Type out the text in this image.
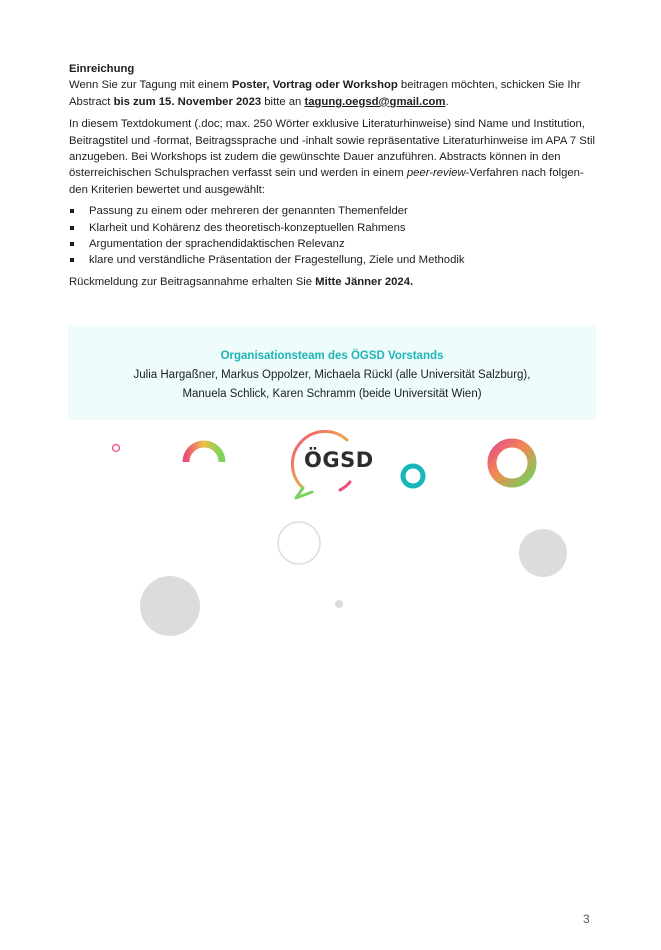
Einreichung

Wenn Sie zur Tagung mit einem Poster, Vortrag oder Workshop beitragen möchten, schicken Sie Ihr Abstract bis zum 15. November 2023 bitte an tagung.oegsd@gmail.com.

In diesem Textdokument (.doc; max. 250 Wörter exklusive Literaturhinweise) sind Name und Institution, Beitragstitel und -format, Beitragssprache und -inhalt sowie repräsentative Literaturhinweise im APA 7 Stil anzugeben. Bei Workshops ist zudem die gewünschte Dauer anzuführen. Abstracts können in den österreichischen Schulsprachen verfasst sein und werden in einem peer-review-Verfahren nach folgen-den Kriterien bewertet und ausgewählt:

Passung zu einem oder mehreren der genannten Themenfelder
Klarheit und Kohärenz des theoretisch-konzeptuellen Rahmens
Argumentation der sprachendidaktischen Relevanz
klare und verständliche Präsentation der Fragestellung, Ziele und Methodik

Rückmeldung zur Beitragsannahme erhalten Sie Mitte Jänner 2024.

Organisationsteam des ÖGSD Vorstands
Julia Hargaßner, Markus Oppolzer, Michaela Rückl (alle Universität Salzburg),
Manuela Schlick, Karen Schramm (beide Universität Wien)
ÖGSD
3
